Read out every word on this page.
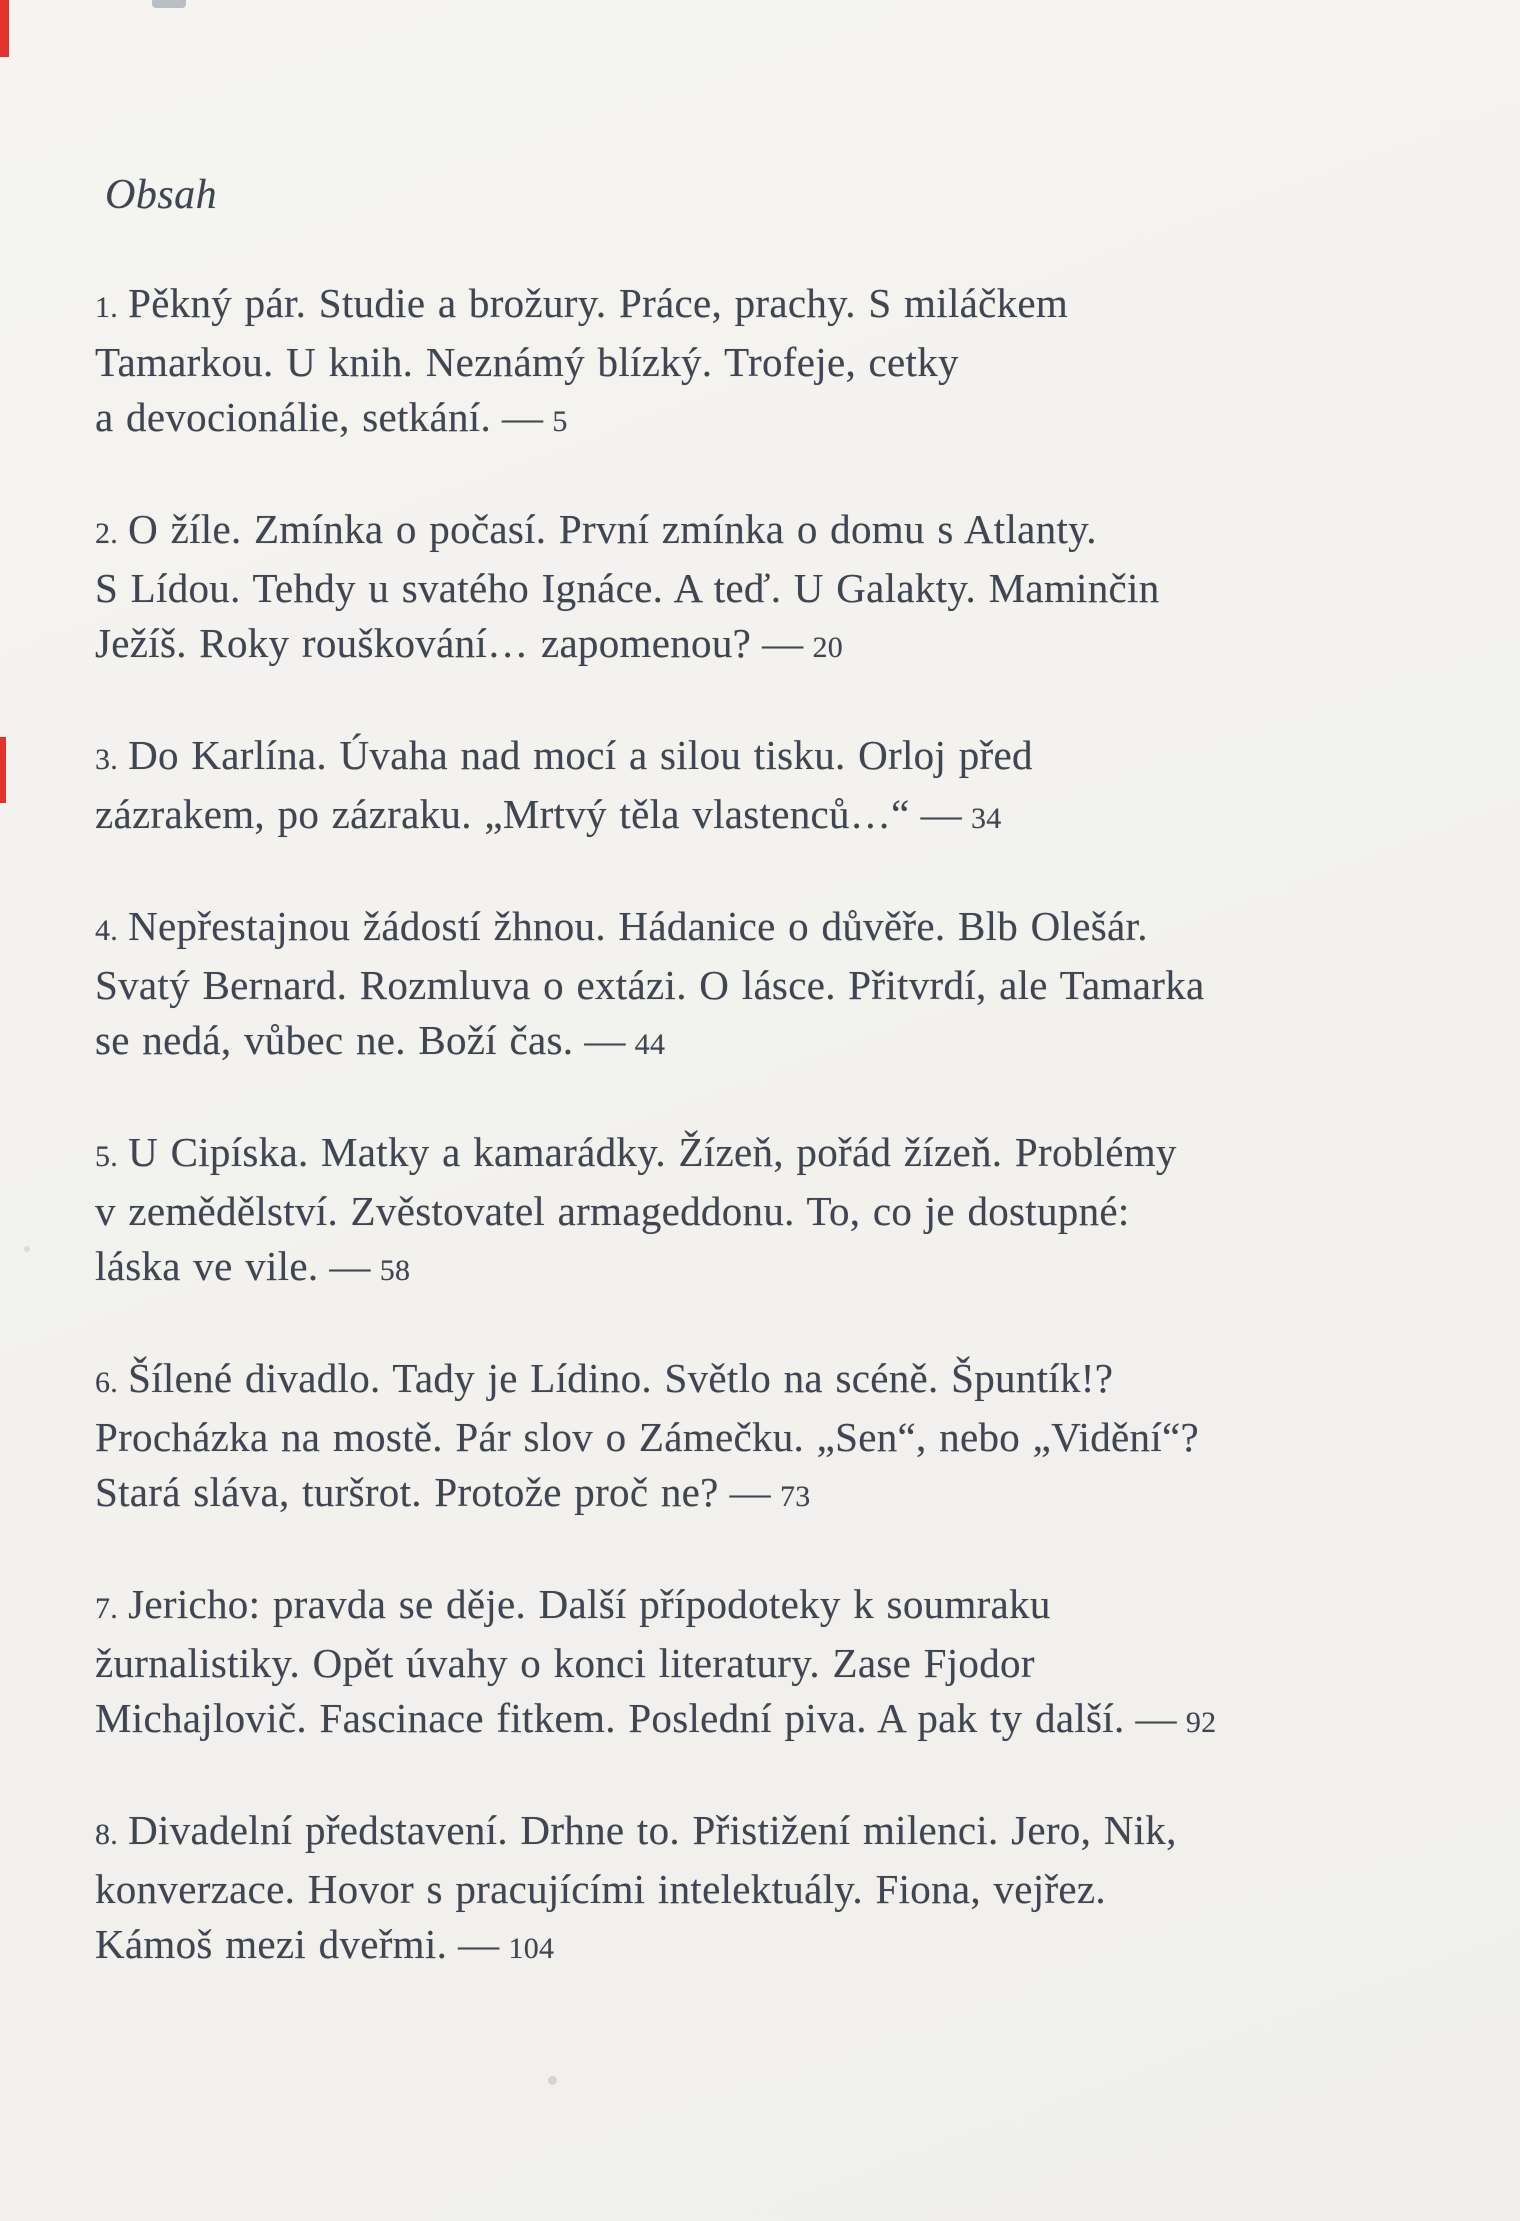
Obsah
1. Pěkný pár. Studie a brožury. Práce, prachy. S miláčkem
Tamarkou. U knih. Neznámý blízký. Trofeje, cetky
a devocionálie, setkání. — 5
2. O žíle. Zmínka o počasí. První zmínka o domu s Atlanty.
S Lídou. Tehdy u svatého Ignáce. A teď. U Galakty. Maminčin
Ježíš. Roky rouškování… zapomenou? — 20
3. Do Karlína. Úvaha nad mocí a silou tisku. Orloj před
zázrakem, po zázraku. „Mrtvý těla vlastenců…“ — 34
4. Nepřestajnou žádostí žhnou. Hádanice o důvěře. Blb Olešár.
Svatý Bernard. Rozmluva o extázi. O lásce. Přitvrdí, ale Tamarka
se nedá, vůbec ne. Boží čas. — 44
5. U Cipíska. Matky a kamarádky. Žízeň, pořád žízeň. Problémy
v zemědělství. Zvěstovatel armageddonu. To, co je dostupné:
láska ve vile. — 58
6. Šílené divadlo. Tady je Lídino. Světlo na scéně. Špuntík!?
Procházka na mostě. Pár slov o Zámečku. „Sen“, nebo „Vidění“?
Stará sláva, turšrot. Protože proč ne? — 73
7. Jericho: pravda se děje. Další přípodoteky k soumraku
žurnalistiky. Opět úvahy o konci literatury. Zase Fjodor
Michajlovič. Fascinace fitkem. Poslední piva. A pak ty další. — 92
8. Divadelní představení. Drhne to. Přistižení milenci. Jero, Nik,
konverzace. Hovor s pracujícími intelektuály. Fiona, vejřez.
Kámoš mezi dveřmi. — 104
